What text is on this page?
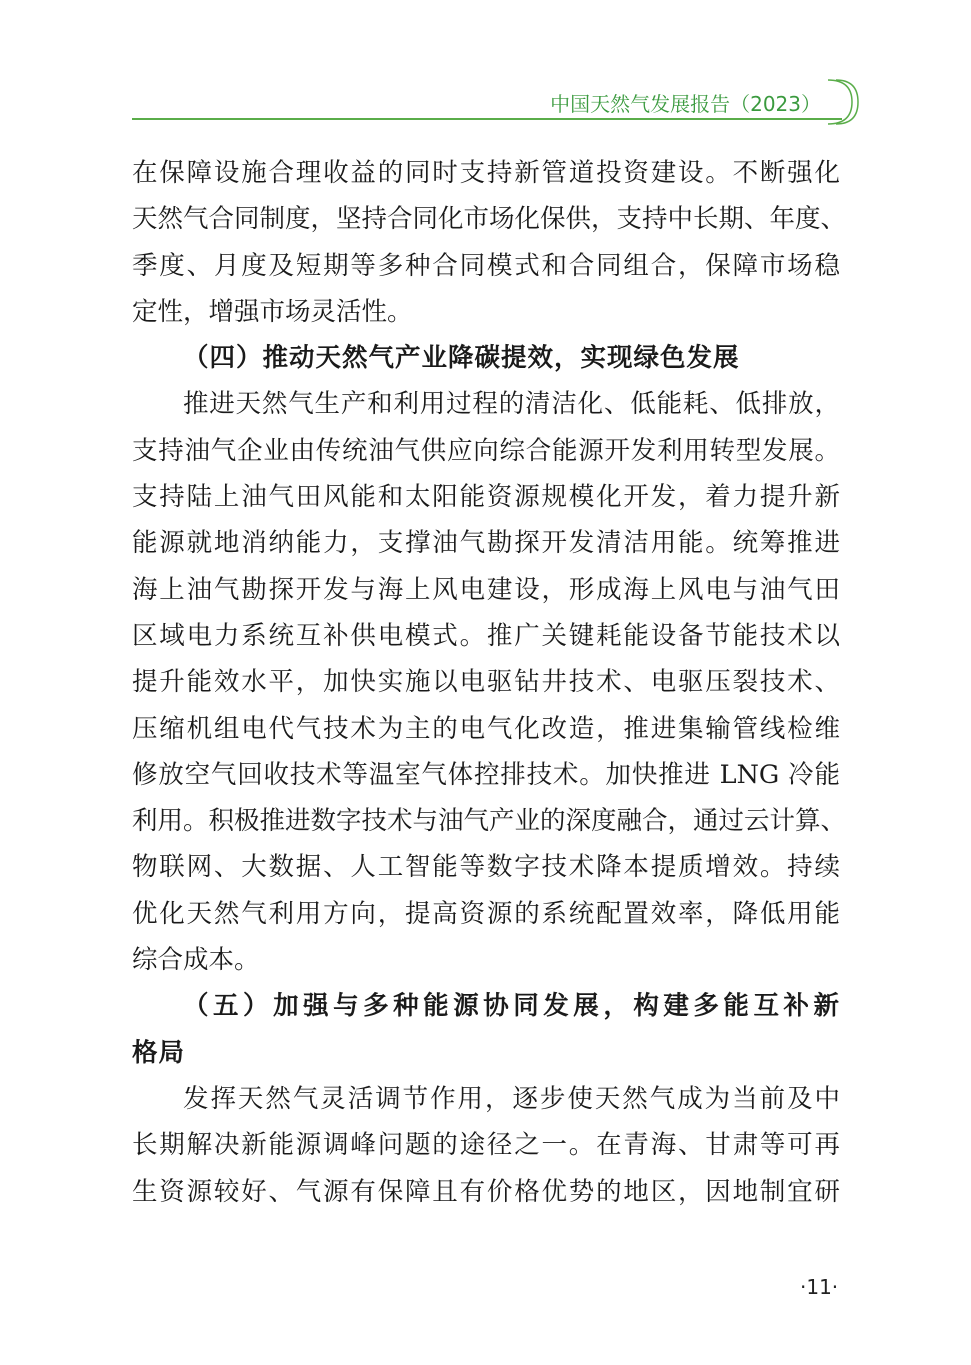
中国天然气发展报告（2023）
在保障设施合理收益的同时支持新管道投资建设。不断强化
天然气合同制度，坚持合同化市场化保供，支持中长期、年度、
季度、月度及短期等多种合同模式和合同组合，保障市场稳
定性，增强市场灵活性。
（四）推动天然气产业降碳提效，实现绿色发展
推进天然气生产和利用过程的清洁化、低能耗、低排放，
支持油气企业由传统油气供应向综合能源开发利用转型发展。
支持陆上油气田风能和太阳能资源规模化开发，着力提升新
能源就地消纳能力，支撑油气勘探开发清洁用能。统筹推进
海上油气勘探开发与海上风电建设，形成海上风电与油气田
区域电力系统互补供电模式。推广关键耗能设备节能技术以
提升能效水平，加快实施以电驱钻井技术、电驱压裂技术、
压缩机组电代气技术为主的电气化改造，推进集输管线检维
修放空气回收技术等温室气体控排技术。加快推进 LNG 冷能
利用。积极推进数字技术与油气产业的深度融合，通过云计算、
物联网、大数据、人工智能等数字技术降本提质增效。持续
优化天然气利用方向，提高资源的系统配置效率，降低用能
综合成本。
（五）加强与多种能源协同发展，构建多能互补新
格局
发挥天然气灵活调节作用，逐步使天然气成为当前及中
长期解决新能源调峰问题的途径之一。在青海、甘肃等可再
生资源较好、气源有保障且有价格优势的地区，因地制宜研
·11·
